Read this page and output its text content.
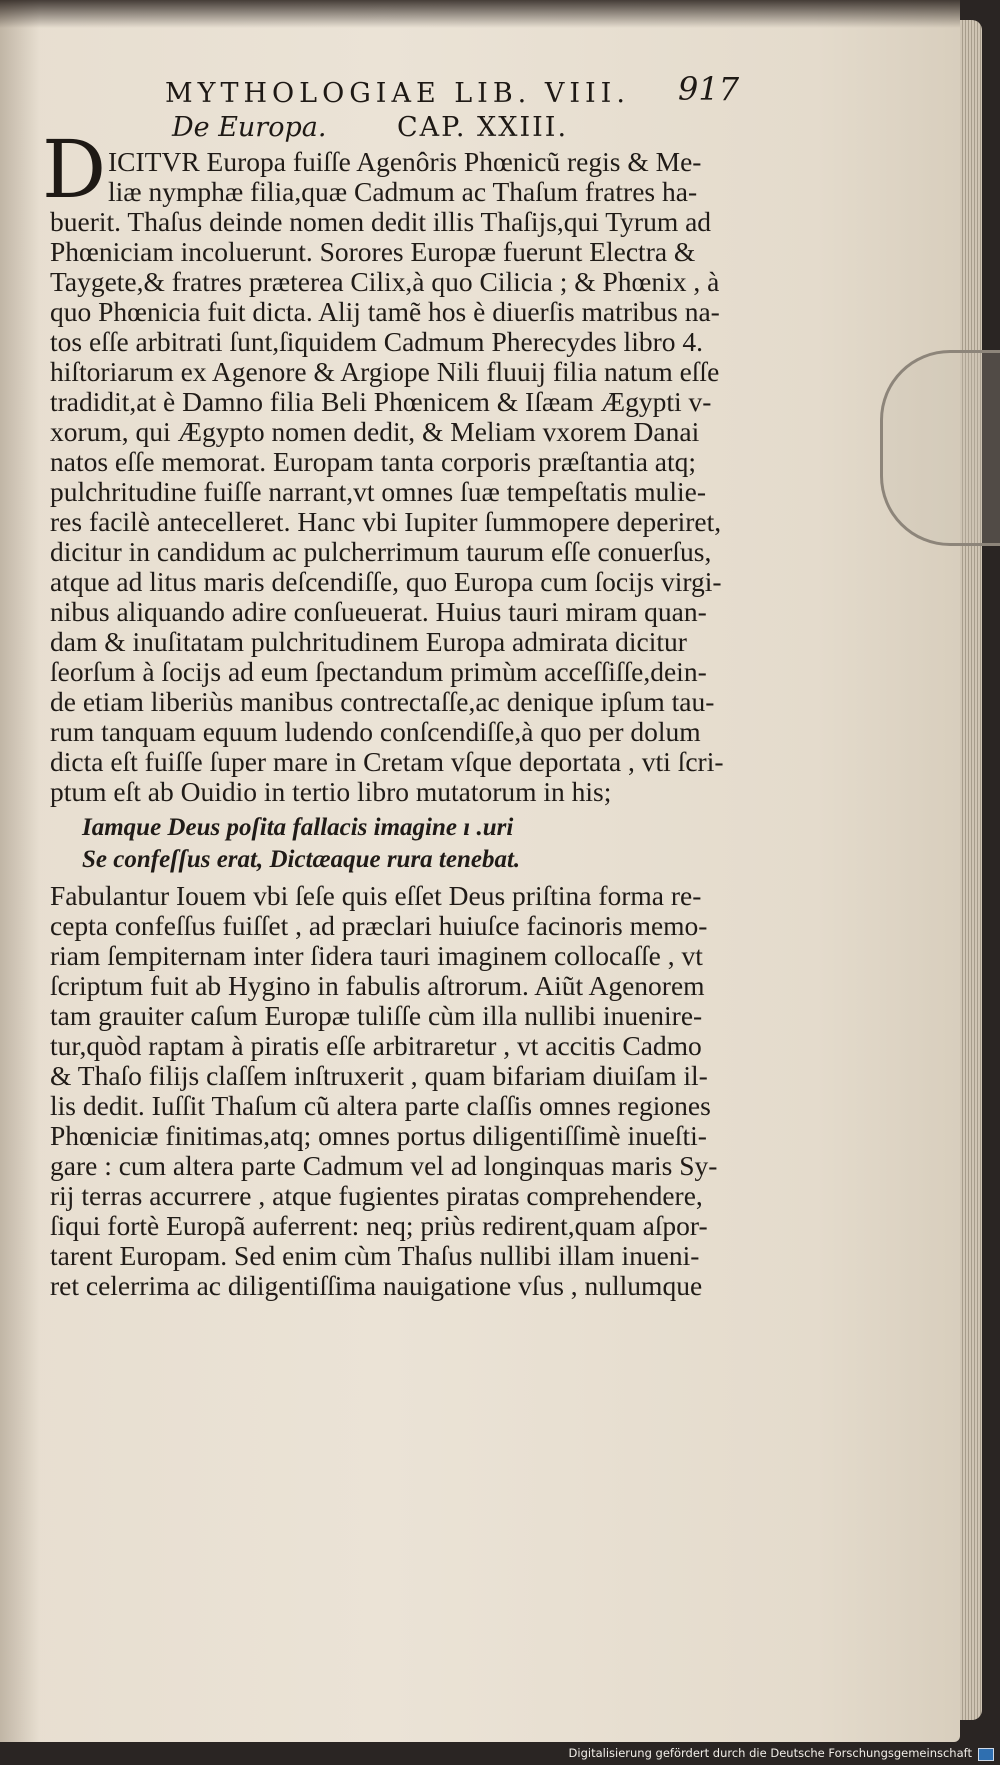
MYTHOLOGIAE LIB. VIII.	917
De Europa.	CAP. XXIII.
D ICITVR Europa fuiſſe Agenôris Phœnicũ regis & Me-
liæ nymphæ filia,quæ Cadmum ac Thaſum fratres ha-
buerit. Thaſus deinde nomen dedit illis Thaſijs,qui Tyrum ad
Phœniciam incoluerunt. Sorores Europæ fuerunt Electra &
Taygete,& fratres præterea Cilix,à quo Cilicia ; & Phœnix , à
quo Phœnicia fuit dicta. Alij tamẽ hos è diuerſis matribus na-
tos eſſe arbitrati ſunt,ſiquidem Cadmum Pherecydes libro 4.
hiſtoriarum ex Agenore & Argiope Nili fluuij filia natum eſſe
tradidit,at è Damno filia Beli Phœnicem & Iſæam Ægypti v-
xorum, qui Ægypto nomen dedit, & Meliam vxorem Danai
natos eſſe memorat. Europam tanta corporis præſtantia atq;
pulchritudine fuiſſe narrant,vt omnes ſuæ tempeſtatis mulie-
res facilè antecelleret. Hanc vbi Iupiter ſummopere deperiret,
dicitur in candidum ac pulcherrimum taurum eſſe conuerſus,
atque ad litus maris deſcendiſſe, quo Europa cum ſocijs virgi-
nibus aliquando adire conſueuerat. Huius tauri miram quan-
dam & inuſitatam pulchritudinem Europa admirata dicitur
ſeorſum à ſocijs ad eum ſpectandum primùm acceſſiſſe,dein-
de etiam liberiùs manibus contrectaſſe,ac denique ipſum tau-
rum tanquam equum ludendo conſcendiſſe,à quo per dolum
dicta eſt fuiſſe ſuper mare in Cretam vſque deportata , vti ſcri-
ptum eſt ab Ouidio in tertio libro mutatorum in his;
Iamque Deus poſita fallacis imagine ı .uri
Se confeſſus erat, Dictæaque rura tenebat.
Fabulantur Iouem vbi ſeſe quis eſſet Deus priſtina forma re-
cepta confeſſus fuiſſet , ad præclari huiuſce facinoris memo-
riam ſempiternam inter ſidera tauri imaginem collocaſſe , vt
ſcriptum fuit ab Hygino in fabulis aſtrorum. Aiũt Agenorem
tam grauiter caſum Europæ tuliſſe cùm illa nullibi inuenire-
tur,quòd raptam à piratis eſſe arbitraretur , vt accitis Cadmo
& Thaſo filijs claſſem inſtruxerit , quam bifariam diuiſam il-
lis dedit. Iuſſit Thaſum cũ altera parte claſſis omnes regiones
Phœniciæ finitimas,atq; omnes portus diligentiſſimè inueſti-
gare : cum altera parte Cadmum vel ad longinquas maris Sy-
rij terras accurrere , atque fugientes piratas comprehendere,
ſiqui fortè Europã auferrent: neq; priùs redirent,quam aſpor-
tarent Europam. Sed enim cùm Thaſus nullibi illam inueni-
ret celerrima ac diligentiſſima nauigatione vſus , nullumque
Digitalisierung gefördert durch die Deutsche Forschungsgemeinschaft
